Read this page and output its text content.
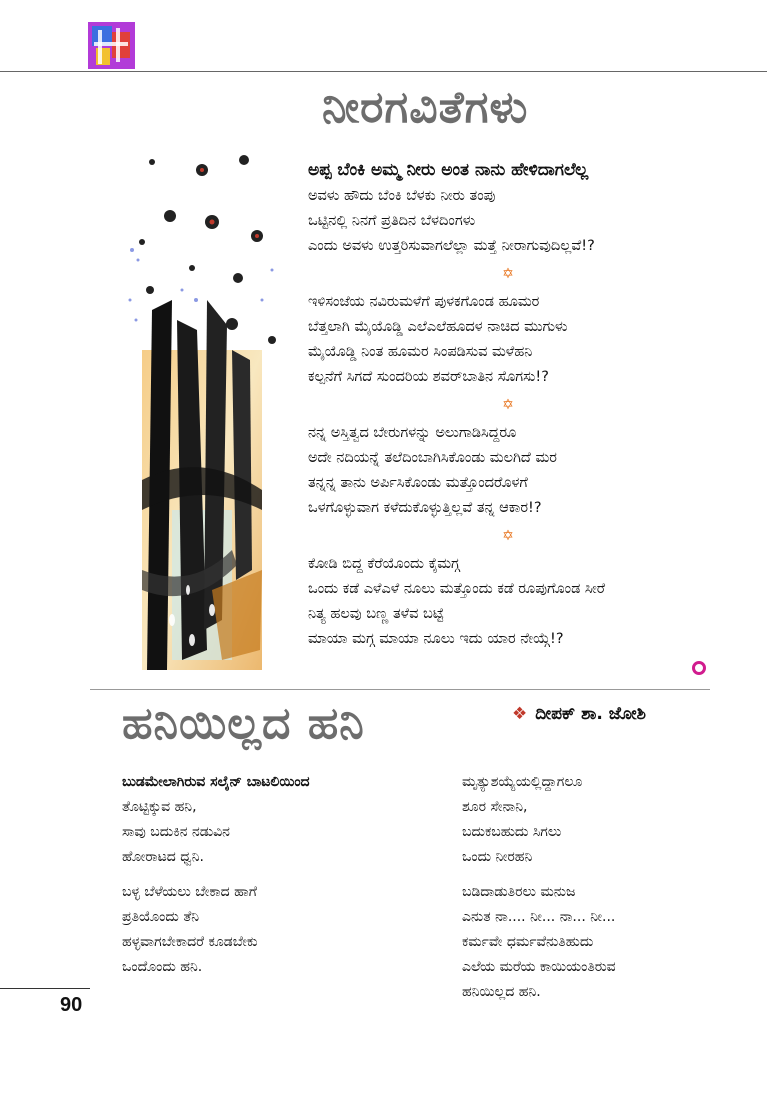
ನೀರಗವಿತೆಗಳು
ಅಪ್ಪ ಬೆಂಕಿ ಅಮ್ಮ ನೀರು ಅಂತ ನಾನು ಹೇಳಿದಾಗಲೆಲ್ಲ
ಅವಳು ಹೌದು ಬೆಂಕಿ ಬೆಳಕು ನೀರು ತಂಪು
ಒಟ್ಟಿನಲ್ಲಿ ನಿನಗೆ ಪ್ರತಿದಿನ ಬೆಳದಿಂಗಳು
ಎಂದು ಅವಳು ಉತ್ತರಿಸುವಾಗಲೆಲ್ಲಾ ಮತ್ತೆ ನೀರಾಗುವುದಿಲ್ಲವೆ!?
✡
ಇಳಿಸಂಜೆಯ ನವಿರುಮಳೆಗೆ ಪುಳಕಗೊಂಡ ಹೂಮರ
ಬೆತ್ತಲಾಗಿ ಮೈಯೊಡ್ಡಿ ಎಲೆಎಲೆಹೂದಳ ನಾಚಿದ ಮುಗುಳು
ಮೈಯೊಡ್ಡಿ ನಿಂತ ಹೂಮರ ಸಿಂಪಡಿಸುವ ಮಳೆಹನಿ
ಕಲ್ಪನೆಗೆ ಸಿಗದೆ ಸುಂದರಿಯ ಶವರ್‌ಬಾತಿನ ಸೊಗಸು!?
✡
ನನ್ನ ಅಸ್ತಿತ್ವದ ಬೇರುಗಳನ್ನು ಅಲುಗಾಡಿಸಿದ್ದರೂ
ಅದೇ ನದಿಯನ್ನೆ ತಲೆದಿಂಬಾಗಿಸಿಕೊಂಡು ಮಲಗಿದೆ ಮರ
ತನ್ನನ್ನ ತಾನು ಅರ್ಪಿಸಿಕೊಂಡು ಮತ್ತೊಂದರೊಳಗೆ
ಒಳಗೊಳ್ಳುವಾಗ ಕಳೆದುಕೊಳ್ಳುತ್ತಿಲ್ಲವೆ ತನ್ನ ಆಕಾರ!?
✡
ಕೋಡಿ ಬಿದ್ದ ಕೆರೆಯೊಂದು ಕೈಮಗ್ಗ
ಒಂದು ಕಡೆ ಎಳೆಎಳೆ ನೂಲು ಮತ್ತೊಂದು ಕಡೆ ರೂಪುಗೊಂಡ ಸೀರೆ
ನಿತ್ಯ ಹಲವು ಬಣ್ಣ ತಳೆವ ಬಟ್ಟೆ
ಮಾಯಾ ಮಗ್ಗ ಮಾಯಾ ನೂಲು ಇದು ಯಾರ ನೇಯ್ಗೆ!?
ಹನಿಯಿಲ್ಲದ ಹನಿ	❖ ದೀಪಕ್ ಶಾ. ಜೋಶಿ
ಬುಡಮೇಲಾಗಿರುವ ಸಲೈನ್ ಬಾಟಲಿಯಿಂದ
ತೊಟ್ಟಿಕ್ಕುವ ಹನಿ,
ಸಾವು ಬದುಕಿನ ನಡುವಿನ
ಹೋರಾಟದ ಧ್ವನಿ.
ಬಳ್ಳ ಬೆಳೆಯಲು ಬೇಕಾದ ಹಾಗೆ
ಪ್ರತಿಯೊಂದು ತೆನಿ
ಹಳ್ಳವಾಗಬೇಕಾದರೆ ಕೂಡಬೇಕು
ಒಂದೊಂದು ಹನಿ.
ಮೃತ್ಯುಶಯ್ಯೆಯಲ್ಲಿದ್ದಾಗಲೂ
ಶೂರ ಸೇನಾನಿ,
ಬದುಕಬಹುದು ಸಿಗಲು
ಒಂದು ನೀರಹನಿ
ಬಡಿದಾಡುತಿರಲು ಮನುಜ
ಎನುತ ನಾ.... ನೀ... ನಾ... ನೀ...
ಕರ್ಮವೇ ಧರ್ಮವೆನುತಿಹುದು
ಎಲೆಯ ಮರೆಯ ಕಾಯಿಯಂತಿರುವ
ಹನಿಯಿಲ್ಲದ ಹನಿ.
90
